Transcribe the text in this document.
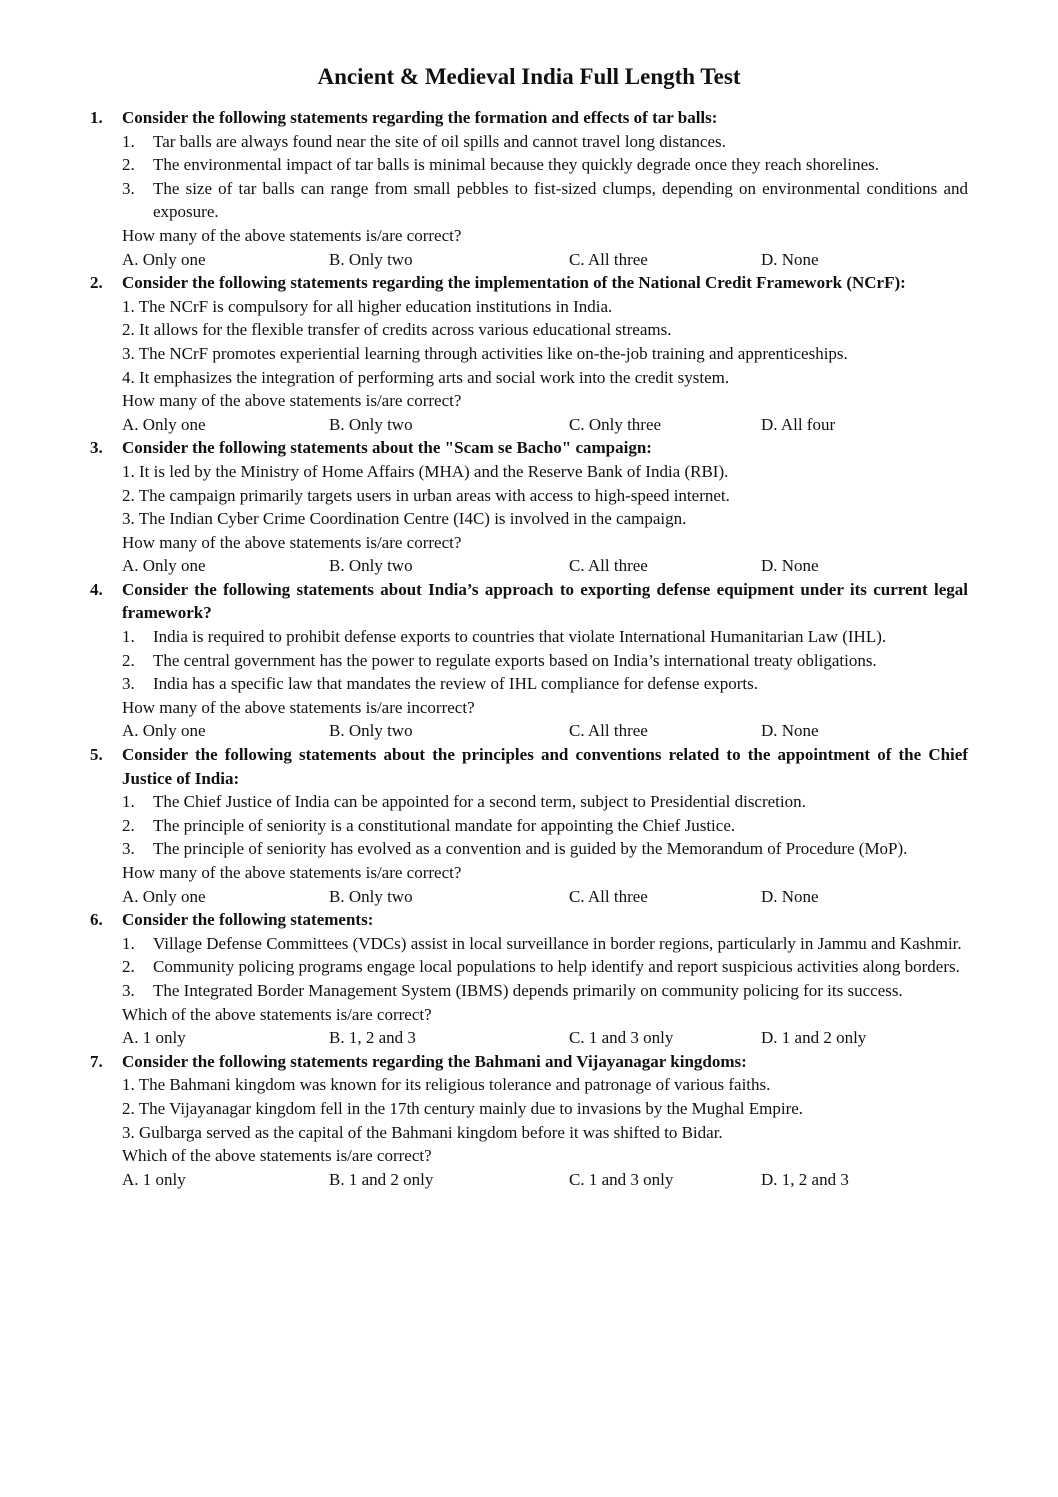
Ancient & Medieval India Full Length Test
1.	Consider the following statements regarding the formation and effects of tar balls:
1.	Tar balls are always found near the site of oil spills and cannot travel long distances.
2.	The environmental impact of tar balls is minimal because they quickly degrade once they reach shorelines.
3.	The size of tar balls can range from small pebbles to fist-sized clumps, depending on environmental conditions and exposure.
How many of the above statements is/are correct?
A. Only one	B. Only two	C. All three	D. None
2.	Consider the following statements regarding the implementation of the National Credit Framework (NCrF):
1. The NCrF is compulsory for all higher education institutions in India.
2. It allows for the flexible transfer of credits across various educational streams.
3. The NCrF promotes experiential learning through activities like on-the-job training and apprenticeships.
4. It emphasizes the integration of performing arts and social work into the credit system.
How many of the above statements is/are correct?
A. Only one	B. Only two	C. Only three	D. All four
3.	Consider the following statements about the "Scam se Bacho" campaign:
1. It is led by the Ministry of Home Affairs (MHA) and the Reserve Bank of India (RBI).
2. The campaign primarily targets users in urban areas with access to high-speed internet.
3. The Indian Cyber Crime Coordination Centre (I4C) is involved in the campaign.
How many of the above statements is/are correct?
A. Only one	B. Only two	C. All three	D. None
4.	Consider the following statements about India’s approach to exporting defense equipment under its current legal framework?
1.	India is required to prohibit defense exports to countries that violate International Humanitarian Law (IHL).
2.	The central government has the power to regulate exports based on India’s international treaty obligations.
3.	India has a specific law that mandates the review of IHL compliance for defense exports.
How many of the above statements is/are incorrect?
A. Only one	B. Only two	C. All three	D. None
5.	Consider the following statements about the principles and conventions related to the appointment of the Chief Justice of India:
1.	The Chief Justice of India can be appointed for a second term, subject to Presidential discretion.
2.	The principle of seniority is a constitutional mandate for appointing the Chief Justice.
3.	The principle of seniority has evolved as a convention and is guided by the Memorandum of Procedure (MoP).
How many of the above statements is/are correct?
A. Only one	B. Only two	C. All three	D. None
6.	Consider the following statements:
1.	Village Defense Committees (VDCs) assist in local surveillance in border regions, particularly in Jammu and Kashmir.
2.	Community policing programs engage local populations to help identify and report suspicious activities along borders.
3.	The Integrated Border Management System (IBMS) depends primarily on community policing for its success.
Which of the above statements is/are correct?
A. 1 only	B. 1, 2 and 3	C. 1 and 3 only	D. 1 and 2 only
7.	Consider the following statements regarding the Bahmani and Vijayanagar kingdoms:
1. The Bahmani kingdom was known for its religious tolerance and patronage of various faiths.
2. The Vijayanagar kingdom fell in the 17th century mainly due to invasions by the Mughal Empire.
3. Gulbarga served as the capital of the Bahmani kingdom before it was shifted to Bidar.
Which of the above statements is/are correct?
A. 1 only	B. 1 and 2 only	C. 1 and 3 only	D. 1, 2 and 3
